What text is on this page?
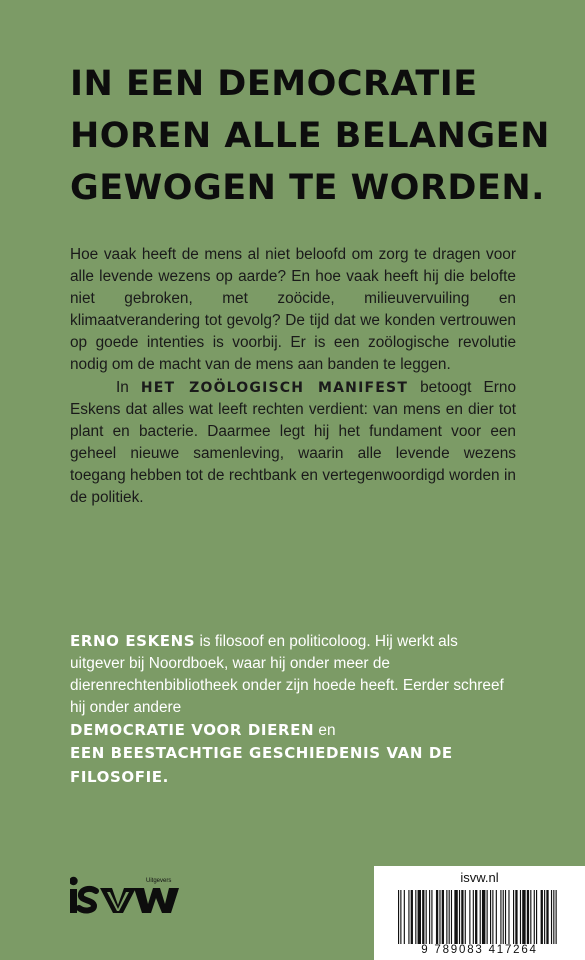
IN EEN DEMOCRATIE
HOREN ALLE BELANGEN
GEWOGEN TE WORDEN.

Hoe vaak heeft de mens al niet beloofd om zorg te dragen voor alle levende wezens op aarde? En hoe vaak heeft hij die belofte niet gebroken, met zoöcide, milieuvervuiling en klimaatverandering tot gevolg? De tijd dat we konden vertrouwen op goede intenties is voorbij. Er is een zoölogische revolutie nodig om de macht van de mens aan banden te leggen.

In HET ZOÖLOGISCH MANIFEST betoogt Erno Eskens dat alles wat leeft rechten verdient: van mens en dier tot plant en bacterie. Daarmee legt hij het fundament voor een geheel nieuwe samenleving, waarin alle levende wezens toegang hebben tot de rechtbank en vertegenwoordigd worden in de politiek.

ERNO ESKENS is filosoof en politicoloog. Hij werkt als uitgever bij Noordboek, waar hij onder meer de dierenrechtenbibliotheek onder zijn hoede heeft. Eerder schreef hij onder andere
DEMOCRATIE VOOR DIEREN en
EEN BEESTACHTIGE GESCHIEDENIS VAN DE FILOSOFIE.

Uitgevers	isvw.nl
9 789083 417264
